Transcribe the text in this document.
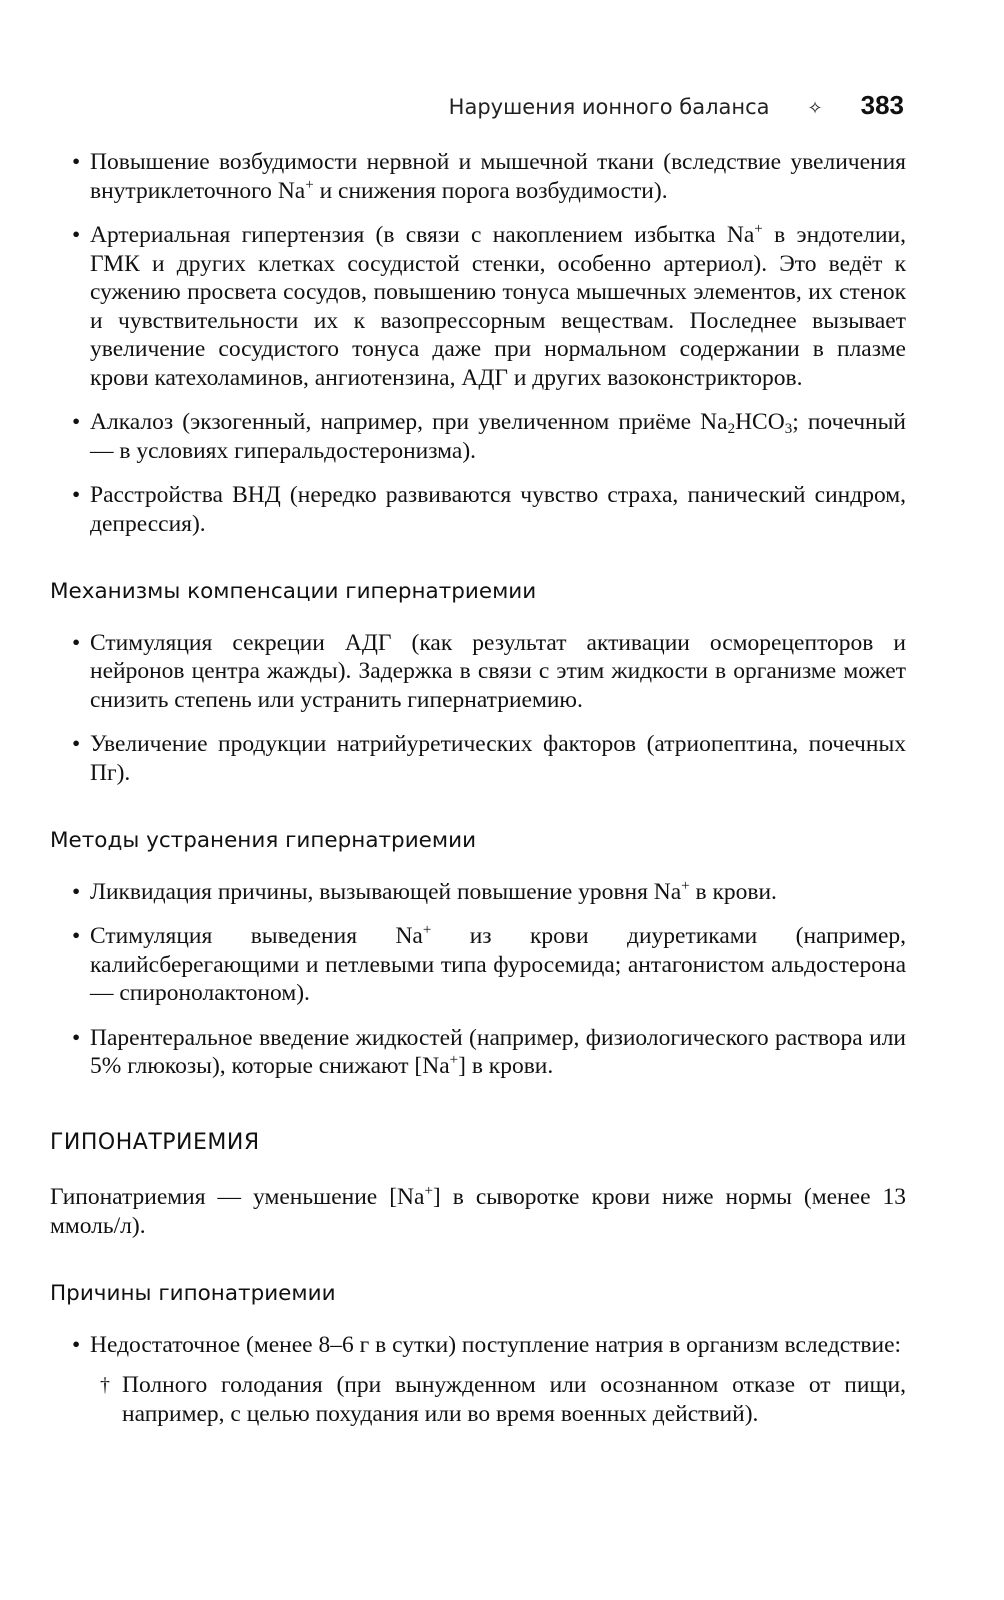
Нарушения ионного баланса ✧ 383
• Повышение возбудимости нервной и мышечной ткани (вследствие увеличения внутриклеточного Na+ и снижения порога возбудимости).
• Артериальная гипертензия (в связи с накоплением избытка Na+ в эндотелии, ГМК и других клетках сосудистой стенки, особенно артериол). Это ведёт к сужению просвета сосудов, повышению тонуса мышечных элементов, их стенок и чувствительности их к вазопрессорным веществам. Последнее вызывает увеличение сосудистого тонуса даже при нормальном содержании в плазме крови катехоламинов, ангиотензина, АДГ и других вазоконстрикторов.
• Алкалоз (экзогенный, например, при увеличенном приёме $Na_2HCO_3$; почечный — в условиях гиперальдостеронизма).
• Расстройства ВНД (нередко развиваются чувство страха, панический синдром, депрессия).
Механизмы компенсации гипернатриемии
• Стимуляция секреции АДГ (как результат активации осморецепторов и нейронов центра жажды). Задержка в связи с этим жидкости в организме может снизить степень или устранить гипернатриемию.
• Увеличение продукции натрийуретических факторов (атриопептина, почечных Пг).
Методы устранения гипернатриемии
• Ликвидация причины, вызывающей повышение уровня Na+ в крови.
• Стимуляция выведения Na+ из крови диуретиками (например, калийсберегающими и петлевыми типа фуросемида; антагонистом альдостерона — спиронолактоном).
• Парентеральное введение жидкостей (например, физиологического раствора или 5% глюкозы), которые снижают [Na+] в крови.
ГИПОНАТРИЕМИЯ
Гипонатриемия — уменьшение [Na+] в сыворотке крови ниже нормы (менее 13 ммоль/л).
Причины гипонатриемии
• Недостаточное (менее 8–6 г в сутки) поступление натрия в организм вследствие:
† Полного голодания (при вынужденном или осознанном отказе от пищи, например, с целью похудания или во время военных действий).
